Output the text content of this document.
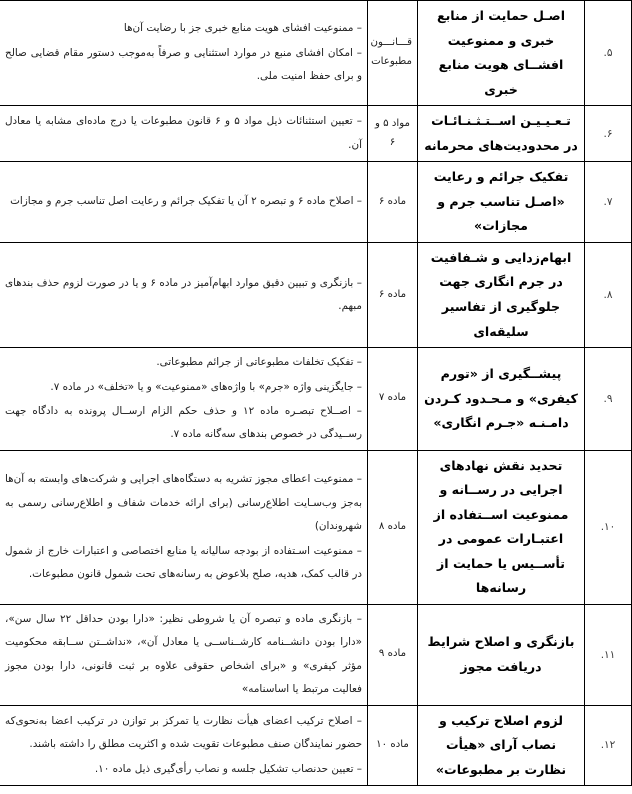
۵.	اصـل حمایت از منابع خبری و ممنوعیت افشــای هویت منابع خبری	قـــانـــون مطبوعات	– ممنوعیت افشای هویت منابع خبری جز با رضایت آن‌ها
– امکان افشای منبع در موارد استثنایی و صرفاً به‌موجب دستور مقام قضایی صالح و برای حفظ امنیت ملی.

۶.	تـعـیـیـن اســتـثـنـائـات در محدودیت‌های محرمانه	مواد ۵ و ۶	– تعیین استثنائات ذیل مواد ۵ و ۶ قانون مطبوعات یا درج ماده‌ای مشابه یا معادل آن.

۷.	تفکیک جرائم و رعایت «اصـل تناسب جرم و مجازات»	ماده ۶	– اصلاح ماده ۶ و تبصره ۲ آن یا تفکیک جرائم و رعایت اصل تناسب جرم و مجازات

۸.	ابهام‌زدایی و شـفافیت در جرم انگاری جهت جلوگیری از تفاسیر سلیقه‌ای	ماده ۶	– بازنگری و تبیین دقیق موارد ابهام‌آمیز در ماده ۶ و یا در صورت لزوم حذف بندهای مبهم.

۹.	پیشــگیری از «تورم کیفری» و مـحـدود کـردن دامـنـه «جـرم انگاری»	ماده ۷	– تفکیک تخلفات مطبوعاتی از جرائم مطبوعاتی.
– جایگزینی واژه «جرم» با واژه‌های «ممنوعیت» و یا «تخلف» در ماده ۷.
– اصــلاح تبصـره ماده ۱۲ و حذف حکم الزام ارســال پرونده به دادگاه جهت رســیدگی در خصوص بندهای سه‌گانه ماده ۷.

۱۰.	تحدید نقش نهادهای اجرایی در رســانه و ممنوعیت اســتفاده از اعتبـارات عمومی در تأســیس یا حمایت از رسانه‌ها	ماده ۸	– ممنوعیت اعطای مجوز تشریه به دستگاه‌های اجرایی و شرکت‌های وابسته به آن‌ها به‌جز وب‌سـایت اطلاع‌رسانی (برای ارائه خدمات شفاف و اطلاع‌رسانی رسمی به شهروندان)
– ممنوعیت اسـتفاده از بودجه سالیانه یا منابع اختصاصی و اعتبارات خارج از شمول در قالب کمک، هدیه، صلح بلاعوض به رسانه‌های تحت شمول قانون مطبوعات.

۱۱.	بازنگری و اصلاح شرایط دریافت مجوز	ماده ۹	– بازنگری ماده و تبصره آن یا شروطی نظیر: «دارا بودن حداقل ۲۲ سال سن»، «دارا بودن دانشــنامه کارشــناســی یا معادل آن»، «نداشــتن ســابقه محکومیت مؤثر کیفری» و «برای اشخاص حقوقی علاوه بر ثبت قانونی، دارا بودن مجوز فعالیت مرتبط یا اساسنامه»

۱۲.	لزوم اصلاح ترکیب و نصاب آرای «هیأت نظارت بر مطبوعات»	ماده ۱۰	– اصلاح ترکیب اعضای هیأت نظارت یا تمرکز بر توازن در ترکیب اعضا به‌نحوی‌که حضور نمایندگان صنف مطبوعات تقویت شده و اکثریت مطلق را داشته باشند.
– تعیین حدنصاب تشکیل جلسه و نصاب رأی‌گیری ذیل ماده ۱۰.
